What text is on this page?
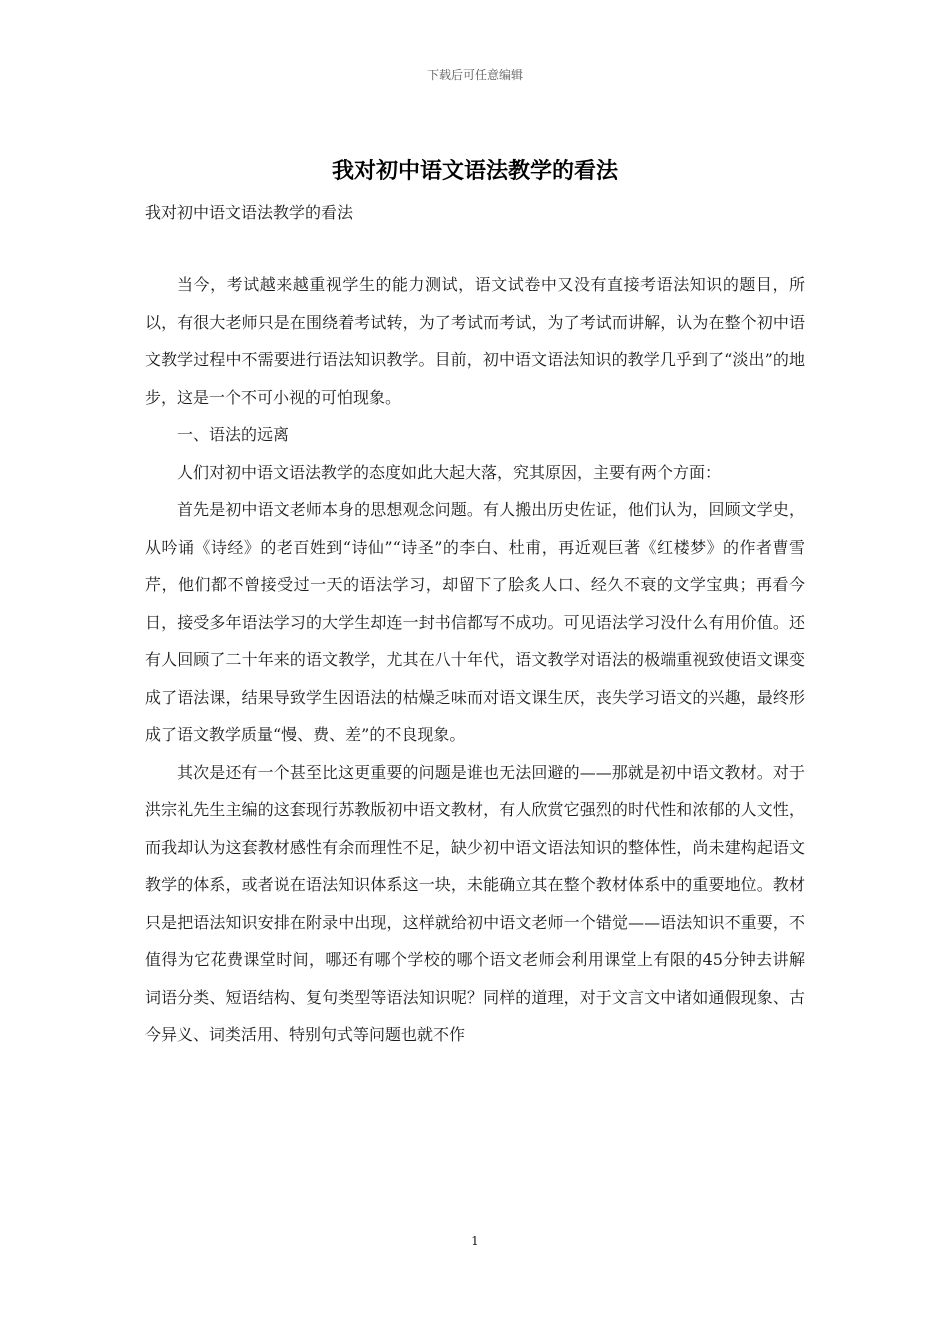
下载后可任意编辑
我对初中语文语法教学的看法
我对初中语文语法教学的看法

当今，考试越来越重视学生的能力测试，语文试卷中又没有直接考语法知识的题目，所以，有很大老师只是在围绕着考试转，为了考试而考试，为了考试而讲解，认为在整个初中语文教学过程中不需要进行语法知识教学。目前，初中语文语法知识的教学几乎到了“淡出”的地步，这是一个不可小视的可怕现象。

一、语法的远离

人们对初中语文语法教学的态度如此大起大落，究其原因，主要有两个方面：

首先是初中语文老师本身的思想观念问题。有人搬出历史佐证，他们认为，回顾文学史，从吟诵《诗经》的老百姓到“诗仙”“诗圣”的李白、杜甫，再近观巨著《红楼梦》的作者曹雪芹，他们都不曾接受过一天的语法学习，却留下了脍炙人口、经久不衰的文学宝典；再看今日，接受多年语法学习的大学生却连一封书信都写不成功。可见语法学习没什么有用价值。还有人回顾了二十年来的语文教学，尤其在八十年代，语文教学对语法的极端重视致使语文课变成了语法课，结果导致学生因语法的枯燥乏味而对语文课生厌，丧失学习语文的兴趣，最终形成了语文教学质量“慢、费、差”的不良现象。

其次是还有一个甚至比这更重要的问题是谁也无法回避的——那就是初中语文教材。对于洪宗礼先生主编的这套现行苏教版初中语文教材，有人欣赏它强烈的时代性和浓郁的人文性，而我却认为这套教材感性有余而理性不足，缺少初中语文语法知识的整体性，尚未建构起语文教学的体系，或者说在语法知识体系这一块，未能确立其在整个教材体系中的重要地位。教材只是把语法知识安排在附录中出现，这样就给初中语文老师一个错觉——语法知识不重要，不值得为它花费课堂时间，哪还有哪个学校的哪个语文老师会利用课堂上有限的45分钟去讲解词语分类、短语结构、复句类型等语法知识呢？同样的道理，对于文言文中诸如通假现象、古今异义、词类活用、特别句式等问题也就不作

1
